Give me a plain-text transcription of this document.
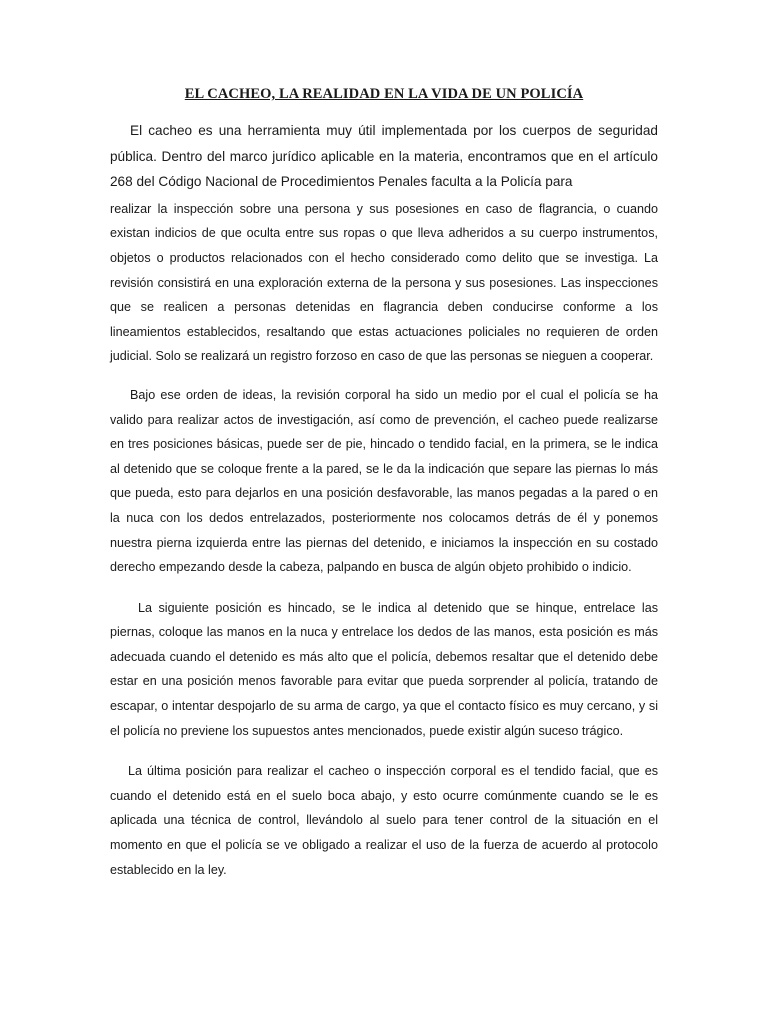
EL CACHEO, LA REALIDAD EN LA VIDA DE UN POLICÍA

El cacheo es una herramienta muy útil implementada por los cuerpos de seguridad pública. Dentro del marco jurídico aplicable en la materia, encontramos que en el artículo 268 del Código Nacional de Procedimientos Penales faculta a la Policía para

realizar la inspección sobre una persona y sus posesiones en caso de flagrancia, o cuando existan indicios de que oculta entre sus ropas o que lleva adheridos a su cuerpo instrumentos, objetos o productos relacionados con el hecho considerado como delito que se investiga. La revisión consistirá en una exploración externa de la persona y sus posesiones. Las inspecciones que se realicen a personas detenidas en flagrancia deben conducirse conforme a los lineamientos establecidos, resaltando que estas actuaciones policiales no requieren de orden judicial. Solo se realizará un registro forzoso en caso de que las personas se nieguen a cooperar.

Bajo ese orden de ideas, la revisión corporal ha sido un medio por el cual el policía se ha valido para realizar actos de investigación, así como de prevención, el cacheo puede realizarse en tres posiciones básicas, puede ser de pie, hincado o tendido facial, en la primera, se le indica al detenido que se coloque frente a la pared, se le da la indicación que separe las piernas lo más que pueda, esto para dejarlos en una posición desfavorable, las manos pegadas a la pared o en la nuca con los dedos entrelazados, posteriormente nos colocamos detrás de él y ponemos nuestra pierna izquierda entre las piernas del detenido, e iniciamos la inspección en su costado derecho empezando desde la cabeza, palpando en busca de algún objeto prohibido o indicio.

La siguiente posición es hincado, se le indica al detenido que se hinque, entrelace las piernas, coloque las manos en la nuca y entrelace los dedos de las manos, esta posición es más adecuada cuando el detenido es más alto que el policía, debemos resaltar que el detenido debe estar en una posición menos favorable para evitar que pueda sorprender al policía, tratando de escapar, o intentar despojarlo de su arma de cargo, ya que el contacto físico es muy cercano, y si el policía no previene los supuestos antes mencionados, puede existir algún suceso trágico.

La última posición para realizar el cacheo o inspección corporal es el tendido facial, que es cuando el detenido está en el suelo boca abajo, y esto ocurre comúnmente cuando se le es aplicada una técnica de control, llevándolo al suelo para tener control de la situación en el momento en que el policía se ve obligado a realizar el uso de la fuerza de acuerdo al protocolo establecido en la ley.
